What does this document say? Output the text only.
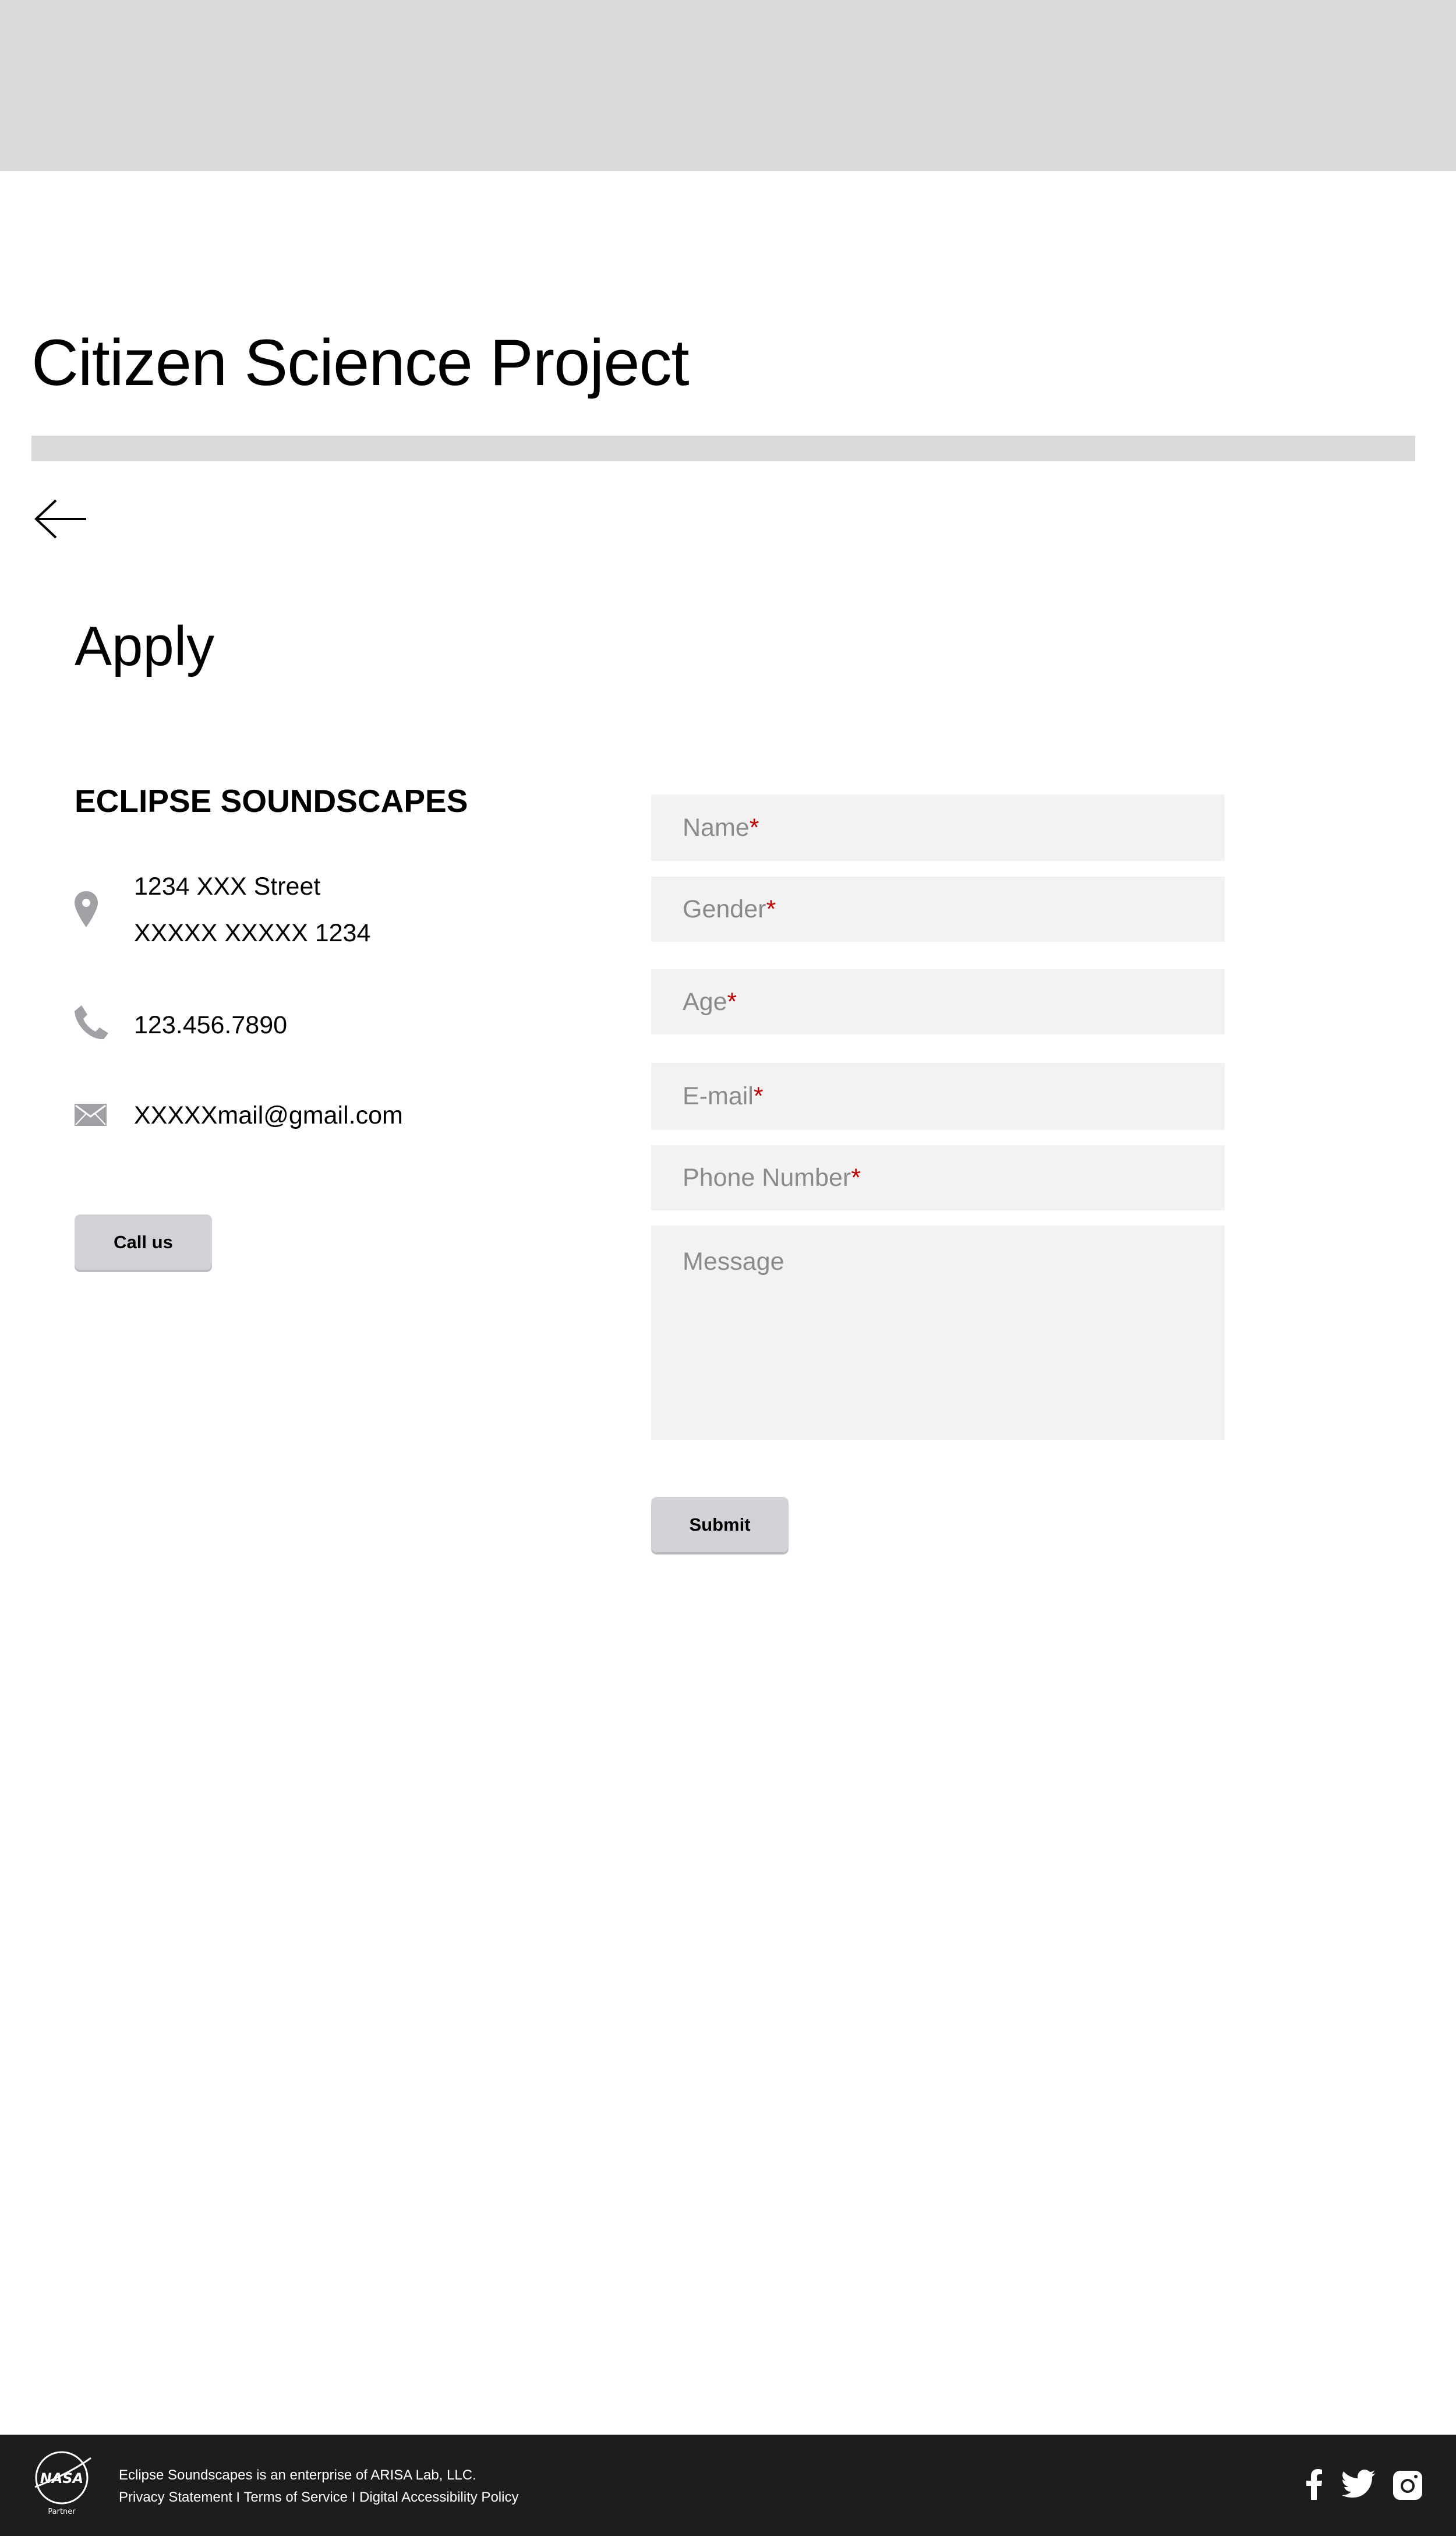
Citizen Science Project
Apply
ECLIPSE SOUNDSCAPES
1234 XXX Street
XXXXX XXXXX 1234
123.456.7890
XXXXXmail@gmail.com
Call us
Name *
Gender *
Age *
E-mail *
Phone Number *
Message
Submit
NASA
Partner
Eclipse Soundscapes is an enterprise of ARISA Lab, LLC.
Privacy Statement I Terms of Service I Digital Accessibility Policy
